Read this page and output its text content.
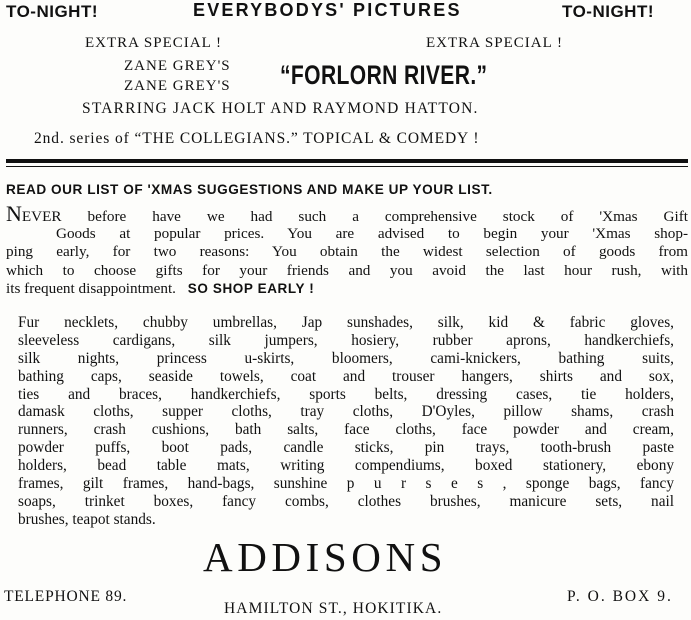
TO-NIGHT!	EVERYBODYS' PICTURES	TO-NIGHT!
EXTRA SPECIAL !	EXTRA SPECIAL !
ZANE GREY'S
ZANE GREY'S “FORLORN RIVER.”
STARRING JACK HOLT AND RAYMOND HATTON.
2nd. series of “THE COLLEGIANS.” TOPICAL & COMEDY !
READ OUR LIST OF 'XMAS SUGGESTIONS AND MAKE UP YOUR LIST.
NEVER before have we had such a comprehensive stock of 'Xmas Gift
Goods at popular prices. You are advised to begin your 'Xmas shop-
ping early, for two reasons: You obtain the widest selection of goods from
which to choose gifts for your friends and you avoid the last hour rush, with
its frequent disappointment. SO SHOP EARLY !
Fur necklets, chubby umbrellas, Jap sunshades, silk, kid & fabric gloves,
sleeveless cardigans, silk jumpers, hosiery, rubber aprons, handkerchiefs,
silk nights, princess u-skirts, bloomers, cami-knickers, bathing suits,
bathing caps, seaside towels, coat and trouser hangers, shirts and sox,
ties and braces, handkerchiefs, sports belts, dressing cases, tie holders,
damask cloths, supper cloths, tray cloths, D'Oyles, pillow shams, crash
runners, crash cushions, bath salts, face cloths, face powder and cream,
powder puffs, boot pads, candle sticks, pin trays, tooth-brush paste
holders, bead table mats, writing compendiums, boxed stationery, ebony
frames, gilt frames, hand-bags, sunshine p u r s e s , sponge bags, fancy
soaps, trinket boxes, fancy combs, clothes brushes, manicure sets, nail
brushes, teapot stands.
ADDISONS
TELEPHONE 89.	P. O. BOX 9.
HAMILTON ST., HOKITIKA.
